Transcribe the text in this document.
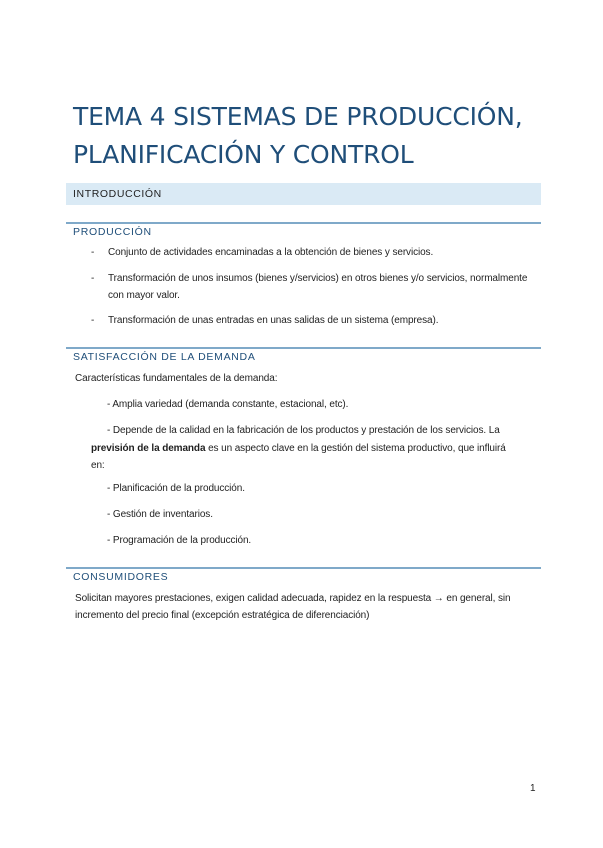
TEMA 4 SISTEMAS DE PRODUCCIÓN, PLANIFICACIÓN Y CONTROL
INTRODUCCIÓN
PRODUCCIÓN
- Conjunto de actividades encaminadas a la obtención de bienes y servicios.

- Transformación de unos insumos (bienes y/servicios) en otros bienes y/o servicios, normalmente con mayor valor.

- Transformación de unas entradas en unas salidas de un sistema (empresa).

SATISFACCIÓN DE LA DEMANDA

Características fundamentales de la demanda:

- Amplia variedad (demanda constante, estacional, etc).

- Depende de la calidad en la fabricación de los productos y prestación de los servicios. La

previsión de la demanda es un aspecto clave en la gestión del sistema productivo, que influirá

en:

- Planificación de la producción.

- Gestión de inventarios.

- Programación de la producción.

CONSUMIDORES

Solicitan mayores prestaciones, exigen calidad adecuada, rapidez en la respuesta → en general, sin incremento del precio final (excepción estratégica de diferenciación)

1
